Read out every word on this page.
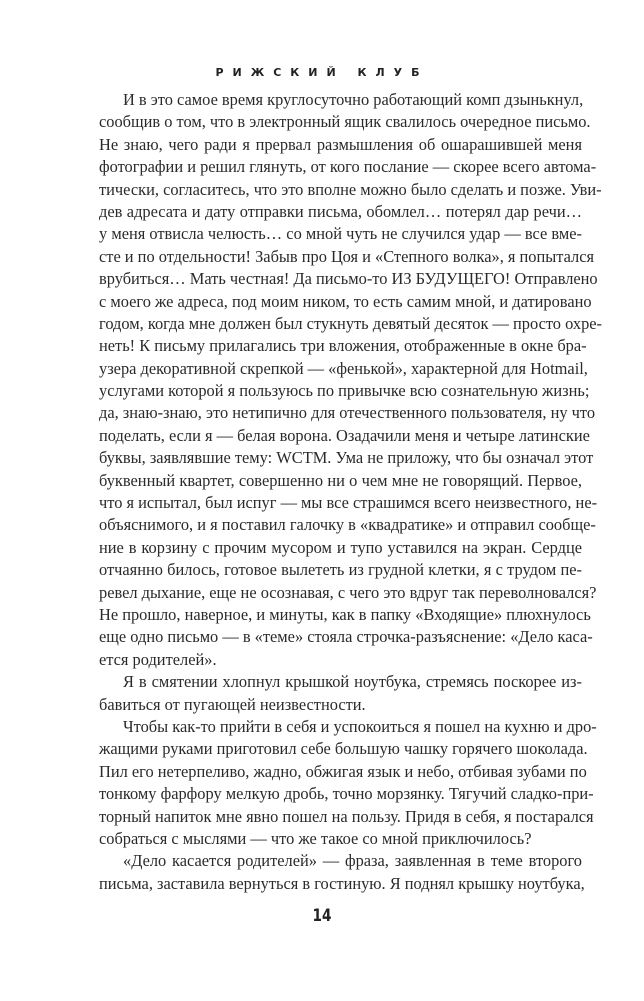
РИЖСКИЙ КЛУБ
И в это самое время круглосуточно работающий комп дзынькнул,
сообщив о том, что в электронный ящик свалилось очередное письмо.
Не знаю, чего ради я прервал размышления об ошарашившей меня
фотографии и решил глянуть, от кого послание — скорее всего автома-
тически, согласитесь, что это вполне можно было сделать и позже. Уви-
дев адресата и дату отправки письма, обомлел… потерял дар речи…
у меня отвисла челюсть… со мной чуть не случился удар — все вме-
сте и по отдельности! Забыв про Цоя и «Степного волка», я попытался
врубиться… Мать честная! Да письмо-то ИЗ БУДУЩЕГО! Отправлено
с моего же адреса, под моим ником, то есть самим мной, и датировано
годом, когда мне должен был стукнуть девятый десяток — просто охре-
неть! К письму прилагались три вложения, отображенные в окне бра-
узера декоративной скрепкой — «фенькой», характерной для Hotmail,
услугами которой я пользуюсь по привычке всю сознательную жизнь;
да, знаю-знаю, это нетипично для отечественного пользователя, ну что
поделать, если я — белая ворона. Озадачили меня и четыре латинские
буквы, заявлявшие тему: WCTM. Ума не приложу, что бы означал этот
буквенный квартет, совершенно ни о чем мне не говорящий. Первое,
что я испытал, был испуг — мы все страшимся всего неизвестного, не-
объяснимого, и я поставил галочку в «квадратике» и отправил сообще-
ние в корзину с прочим мусором и тупо уставился на экран. Сердце
отчаянно билось, готовое вылететь из грудной клетки, я с трудом пе-
ревел дыхание, еще не осознавая, с чего это вдруг так переволновался?
Не прошло, наверное, и минуты, как в папку «Входящие» плюхнулось
еще одно письмо — в «теме» стояла строчка-разъяснение: «Дело каса-
ется родителей».
Я в смятении хлопнул крышкой ноутбука, стремясь поскорее из-
бавиться от пугающей неизвестности.
Чтобы как-то прийти в себя и успокоиться я пошел на кухню и дро-
жащими руками приготовил себе большую чашку горячего шоколада.
Пил его нетерпеливо, жадно, обжигая язык и небо, отбивая зубами по
тонкому фарфору мелкую дробь, точно морзянку. Тягучий сладко-при-
торный напиток мне явно пошел на пользу. Придя в себя, я постарался
собраться с мыслями — что же такое со мной приключилось?
«Дело касается родителей» — фраза, заявленная в теме второго
письма, заставила вернуться в гостиную. Я поднял крышку ноутбука,
14
